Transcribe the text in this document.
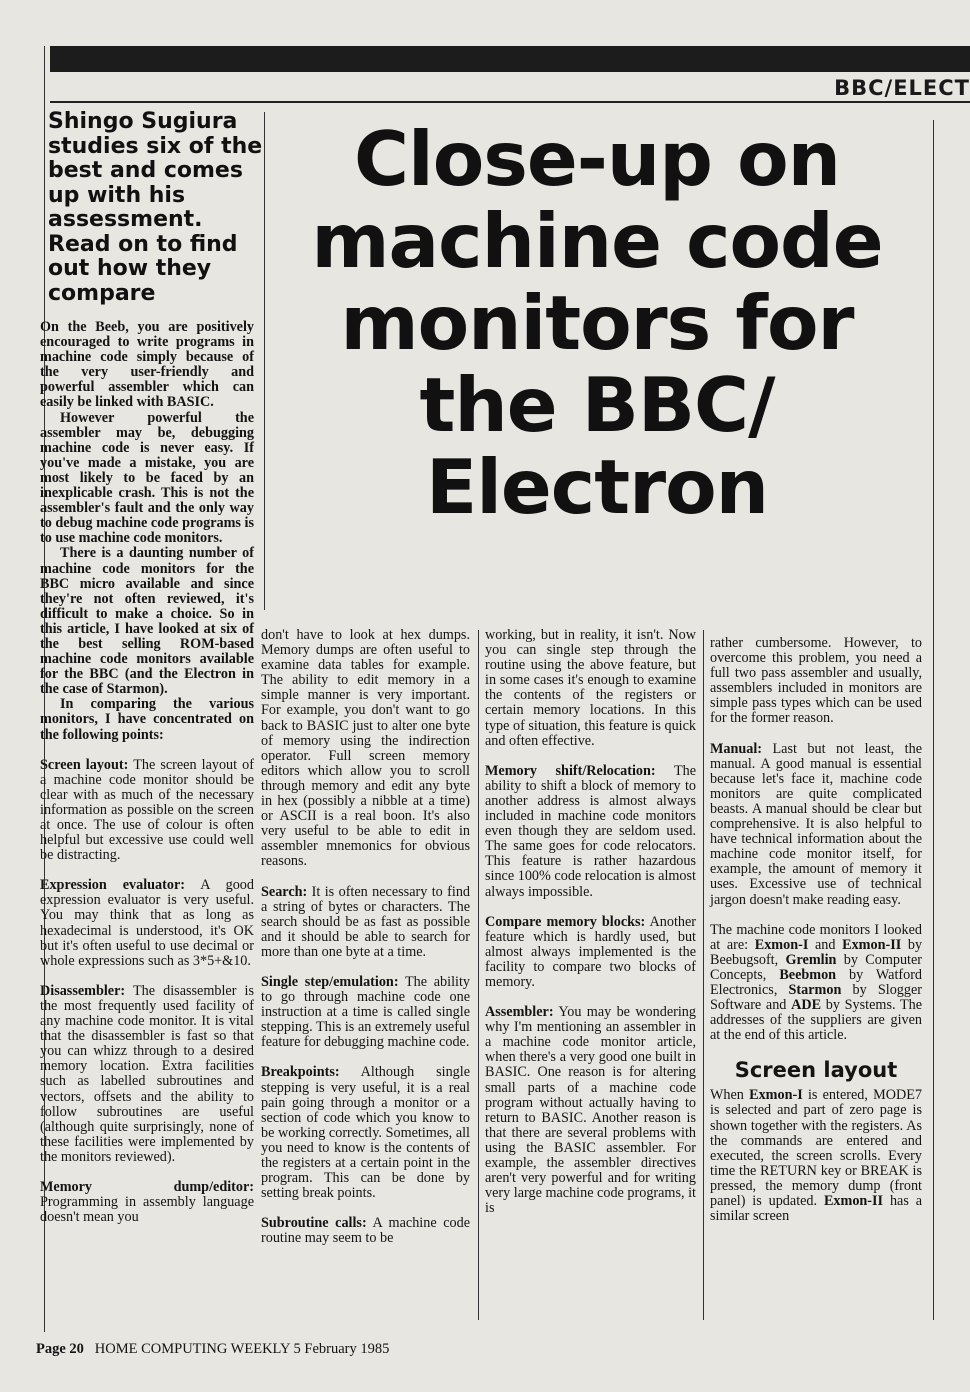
BBC/ELECT
Close-up on machine code monitors for the BBC/ Electron
Shingo Sugiura studies six of the best and comes up with his assessment. Read on to find out how they compare

On the Beeb, you are positively encouraged to write programs in machine code simply because of the very user-friendly and powerful assembler which can easily be linked with BASIC.

However powerful the assembler may be, debugging machine code is never easy. If you've made a mistake, you are most likely to be faced by an inexplicable crash. This is not the assembler's fault and the only way to debug machine code programs is to use machine code monitors.

There is a daunting number of machine code monitors for the BBC micro available and since they're not often reviewed, it's difficult to make a choice. So in this article, I have looked at six of the best selling ROM-based machine code monitors available for the BBC (and the Electron in the case of Starmon).

In comparing the various monitors, I have concentrated on the following points:

Screen layout: The screen layout of a machine code monitor should be clear with as much of the necessary information as possible on the screen at once. The use of colour is often helpful but excessive use could well be distracting.

Expression evaluator: A good expression evaluator is very useful. You may think that as long as hexadecimal is understood, it's OK but it's often useful to use decimal or whole expressions such as 3*5+&10.

Disassembler: The disassembler is the most frequently used facility of any machine code monitor. It is vital that the disassembler is fast so that you can whizz through to a desired memory location. Extra facilities such as labelled subroutines and vectors, offsets and the ability to follow subroutines are useful (although quite surprisingly, none of these facilities were implemented by the monitors reviewed).

Memory dump/editor: Programming in assembly language doesn't mean you

don't have to look at hex dumps. Memory dumps are often useful to examine data tables for example. The ability to edit memory in a simple manner is very important. For example, you don't want to go back to BASIC just to alter one byte of memory using the indirection operator. Full screen memory editors which allow you to scroll through memory and edit any byte in hex (possibly a nibble at a time) or ASCII is a real boon. It's also very useful to be able to edit in assembler mnemonics for obvious reasons.

Search: It is often necessary to find a string of bytes or characters. The search should be as fast as possible and it should be able to search for more than one byte at a time.

Single step/emulation: The ability to go through machine code one instruction at a time is called single stepping. This is an extremely useful feature for debugging machine code.

Breakpoints: Although single stepping is very useful, it is a real pain going through a monitor or a section of code which you know to be working correctly. Sometimes, all you need to know is the contents of the registers at a certain point in the program. This can be done by setting break points.

Subroutine calls: A machine code routine may seem to be

working, but in reality, it isn't. Now you can single step through the routine using the above feature, but in some cases it's enough to examine the contents of the registers or certain memory locations. In this type of situation, this feature is quick and often effective.

Memory shift/Relocation: The ability to shift a block of memory to another address is almost always included in machine code monitors even though they are seldom used. The same goes for code relocators. This feature is rather hazardous since 100% code relocation is almost always impossible.

Compare memory blocks: Another feature which is hardly used, but almost always implemented is the facility to compare two blocks of memory.

Assembler: You may be wondering why I'm mentioning an assembler in a machine code monitor article, when there's a very good one built in BASIC. One reason is for altering small parts of a machine code program without actually having to return to BASIC. Another reason is that there are several problems with using the BASIC assembler. For example, the assembler directives aren't very powerful and for writing very large machine code programs, it is

rather cumbersome. However, to overcome this problem, you need a full two pass assembler and usually, assemblers included in monitors are simple pass types which can be used for the former reason.

Manual: Last but not least, the manual. A good manual is essential because let's face it, machine code monitors are quite complicated beasts. A manual should be clear but comprehensive. It is also helpful to have technical information about the machine code monitor itself, for example, the amount of memory it uses. Excessive use of technical jargon doesn't make reading easy.

The machine code monitors I looked at are: Exmon-I and Exmon-II by Beebugsoft, Gremlin by Computer Concepts, Beebmon by Watford Electronics, Starmon by Slogger Software and ADE by Systems. The addresses of the suppliers are given at the end of this article.

Screen layout

When Exmon-I is entered, MODE7 is selected and part of zero page is shown together with the registers. As the commands are entered and executed, the screen scrolls. Every time the RETURN key or BREAK is pressed, the memory dump (front panel) is updated. Exmon-II has a similar screen

Page 20 HOME COMPUTING WEEKLY 5 February 1985
